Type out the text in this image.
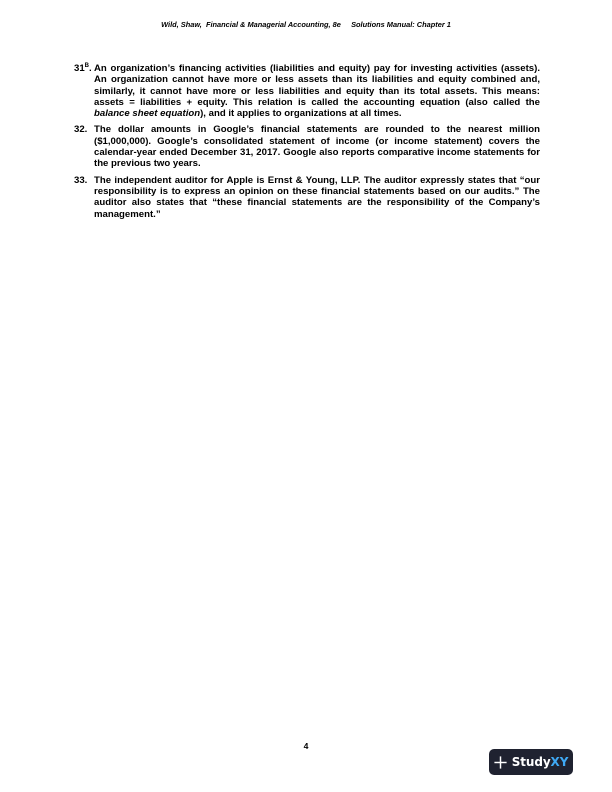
Wild, Shaw,  Financial & Managerial Accounting, 8e     Solutions Manual: Chapter 1
$31^B$. An organization’s financing activities (liabilities and equity) pay for investing activities (assets). An organization cannot have more or less assets than its liabilities and equity combined and, similarly, it cannot have more or less liabilities and equity than its total assets. This means: assets = liabilities + equity. This relation is called the accounting equation (also called the balance sheet equation), and it applies to organizations at all times.
32. The dollar amounts in Google’s financial statements are rounded to the nearest million ($1,000,000). Google’s consolidated statement of income (or income statement) covers the calendar-year ended December 31, 2017. Google also reports comparative income statements for the previous two years.
33. The independent auditor for Apple is Ernst & Young, LLP. The auditor expressly states that “our responsibility is to express an opinion on these financial statements based on our audits.” The auditor also states that “these financial statements are the responsibility of the Company’s management.”
4
StudyXY
